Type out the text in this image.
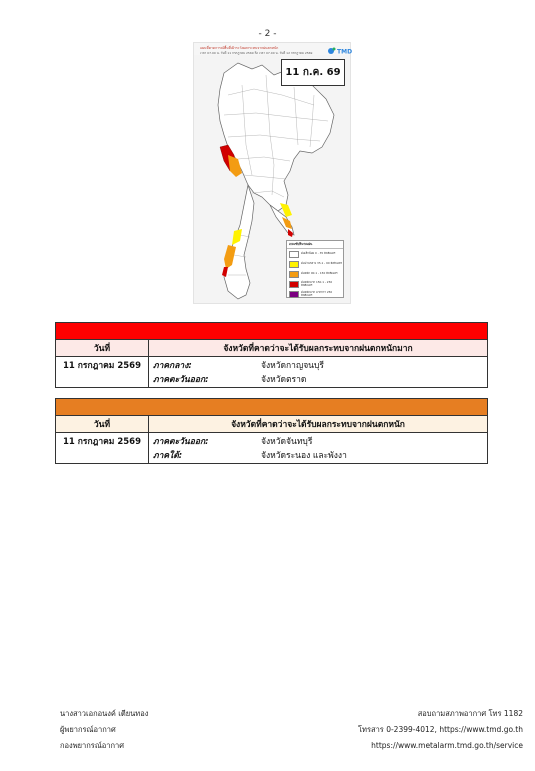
- 2 -
แผนที่คาดการณ์พื้นที่เฝ้าระวังผลกระทบจากฝนตกหนัก
เวลา 07.00 น. วันที่ 11 กรกฎาคม 2569 ถึง เวลา 07.00 น. วันที่ 12 กรกฎาคม 2569	TMD
11 ก.ค. 69
เกณฑ์ปริมาณฝน
ฝนเล็กน้อย 0 - 35 มิลลิเมตร
ฝนปานกลาง 35.1 - 90 มิลลิเมตร
ฝนหนัก 90.1 - 150 มิลลิเมตร
ฝนหนักมาก 150.1 - 250 มิลลิเมตร
ฝนหนักมาก มากกว่า 250 มิลลิเมตร

วันที่	จังหวัดที่คาดว่าจะได้รับผลกระทบจากฝนตกหนักมาก
11 กรกฎาคม 2569	ภาคกลาง: จังหวัดกาญจนบุรี
ภาคตะวันออก: จังหวัดตราด

วันที่	จังหวัดที่คาดว่าจะได้รับผลกระทบจากฝนตกหนัก
11 กรกฎาคม 2569	ภาคตะวันออก: จังหวัดจันทบุรี
ภาคใต้: จังหวัดระนอง และพังงา
นางสาวเอกอนงค์ เตียนทอง
ผู้พยากรณ์อากาศ
กองพยากรณ์อากาศ
สอบถามสภาพอากาศ โทร 1182
โทรสาร 0-2399-4012, https://www.tmd.go.th
https://www.metalarm.tmd.go.th/service
